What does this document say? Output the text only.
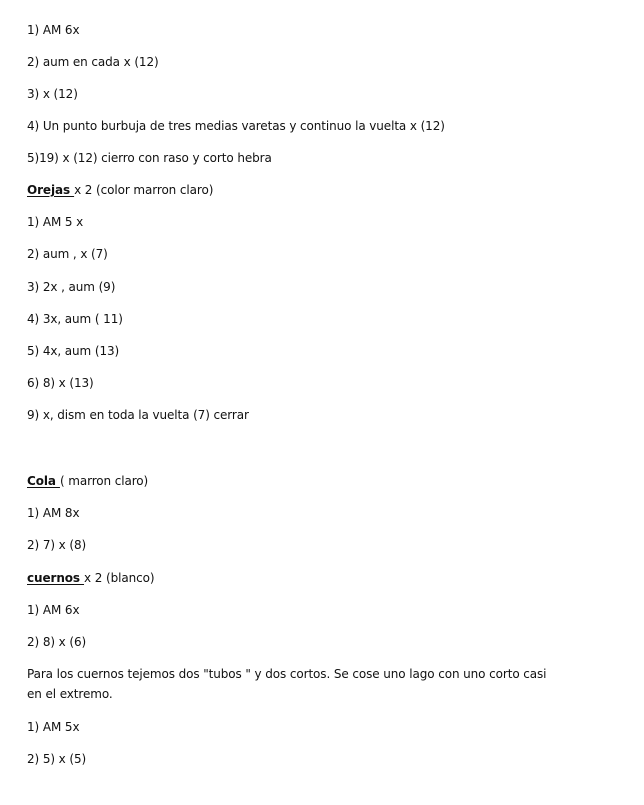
1) AM 6x
2) aum en cada x (12)
3) x (12)
4) Un punto burbuja de tres medias varetas y continuo la vuelta x (12)
5)19) x (12) cierro con raso y corto hebra
Orejas x 2 (color marron claro)
1) AM 5 x
2) aum , x (7)
3) 2x , aum (9)
4) 3x, aum ( 11)
5) 4x, aum (13)
6) 8) x (13)
9) x, dism en toda la vuelta (7) cerrar
Cola ( marron claro)
1) AM 8x
2) 7) x (8)
cuernos x 2 (blanco)
1) AM 6x
2) 8) x (6)
Para los cuernos tejemos dos "tubos " y dos cortos. Se cose uno lago con uno corto casi en el extremo.
1) AM 5x
2) 5) x (5)
